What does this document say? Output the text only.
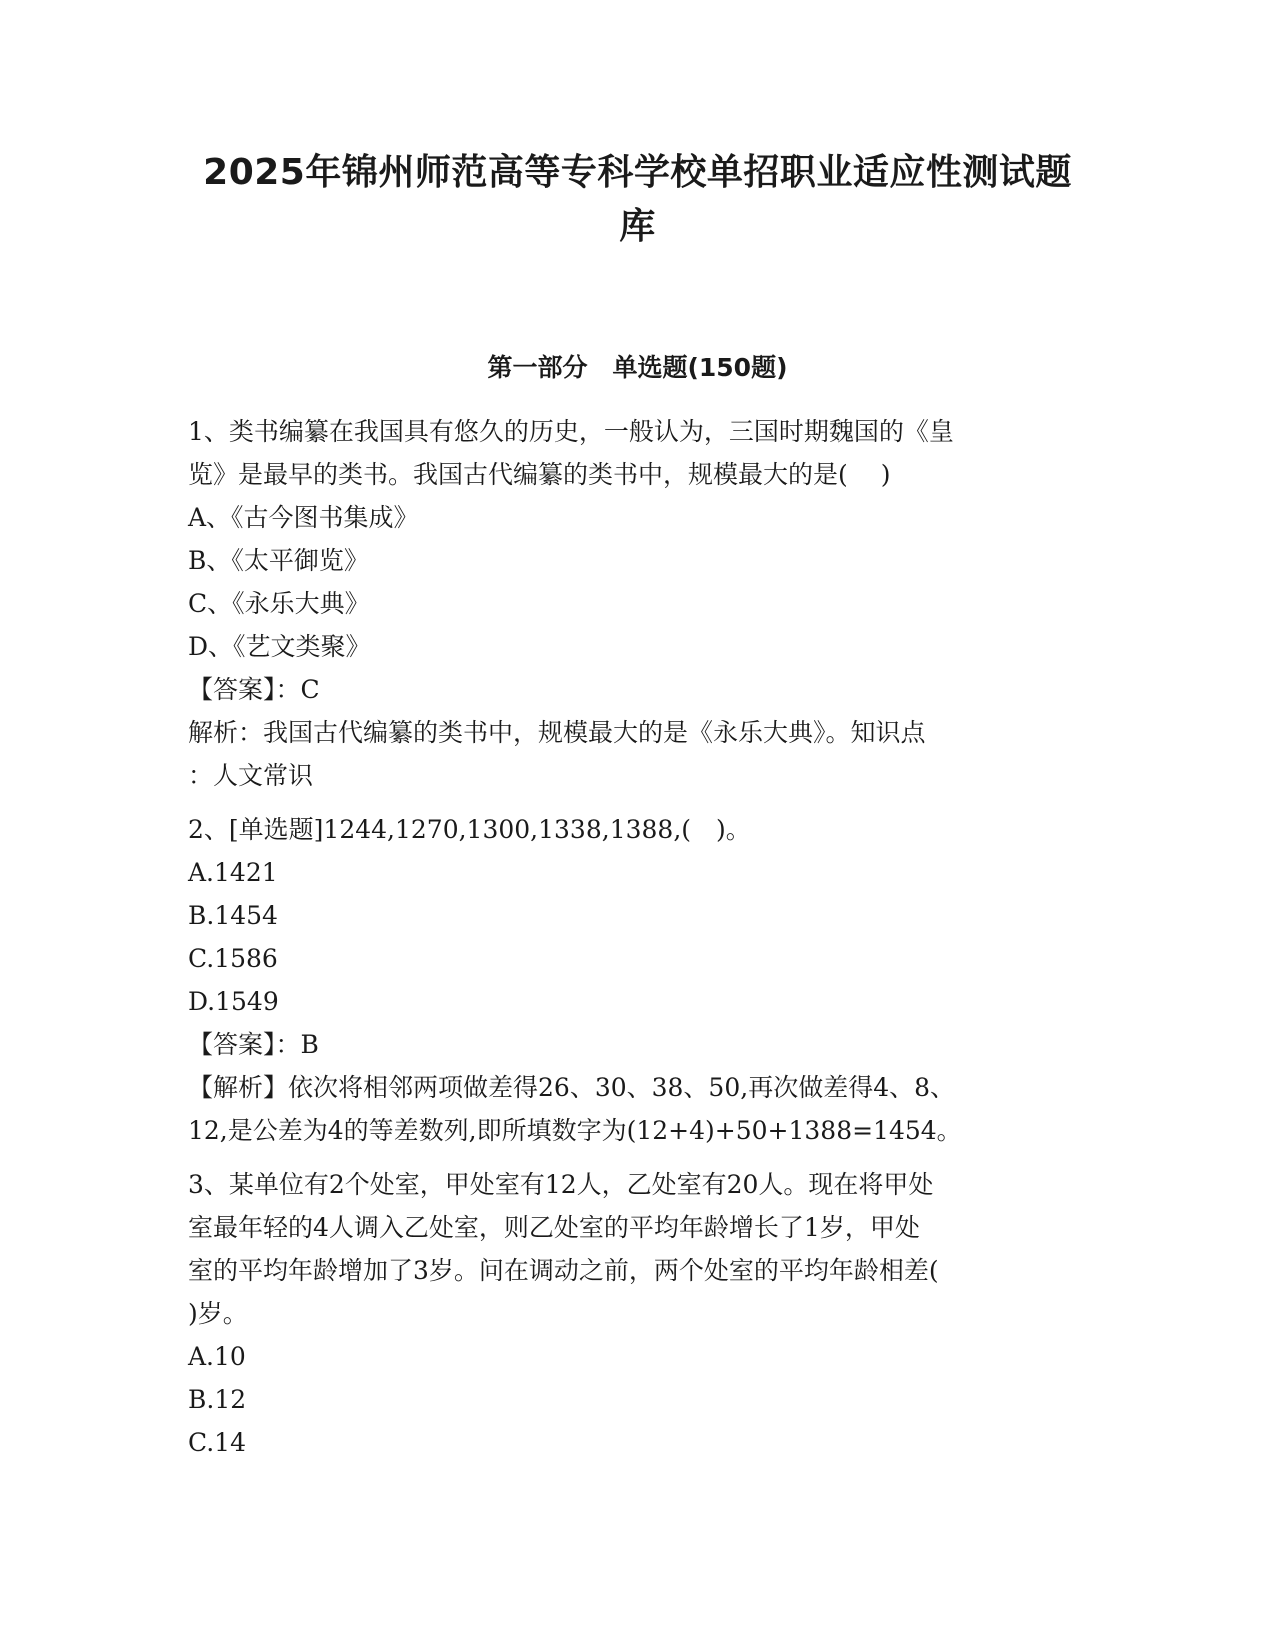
2025年锦州师范高等专科学校单招职业适应性测试题
库
第一部分　单选题(150题)
1、类书编纂在我国具有悠久的历史，一般认为，三国时期魏国的《皇
览》是最早的类书。我国古代编纂的类书中，规模最大的是(　 )
A、《古今图书集成》
B、《太平御览》
C、《永乐大典》
D、《艺文类聚》
【答案】：C
解析：我国古代编纂的类书中，规模最大的是《永乐大典》。知识点
：人文常识
2、[单选题]1244,1270,1300,1338,1388,(　)。
A.1421
B.1454
C.1586
D.1549
【答案】：B
【解析】依次将相邻两项做差得26、30、38、50,再次做差得4、8、
12,是公差为4的等差数列,即所填数字为(12+4)+50+1388=1454。
3、某单位有2个处室，甲处室有12人，乙处室有20人。现在将甲处
室最年轻的4人调入乙处室，则乙处室的平均年龄增长了1岁，甲处
室的平均年龄增加了3岁。问在调动之前，两个处室的平均年龄相差(
)岁。
A.10
B.12
C.14
